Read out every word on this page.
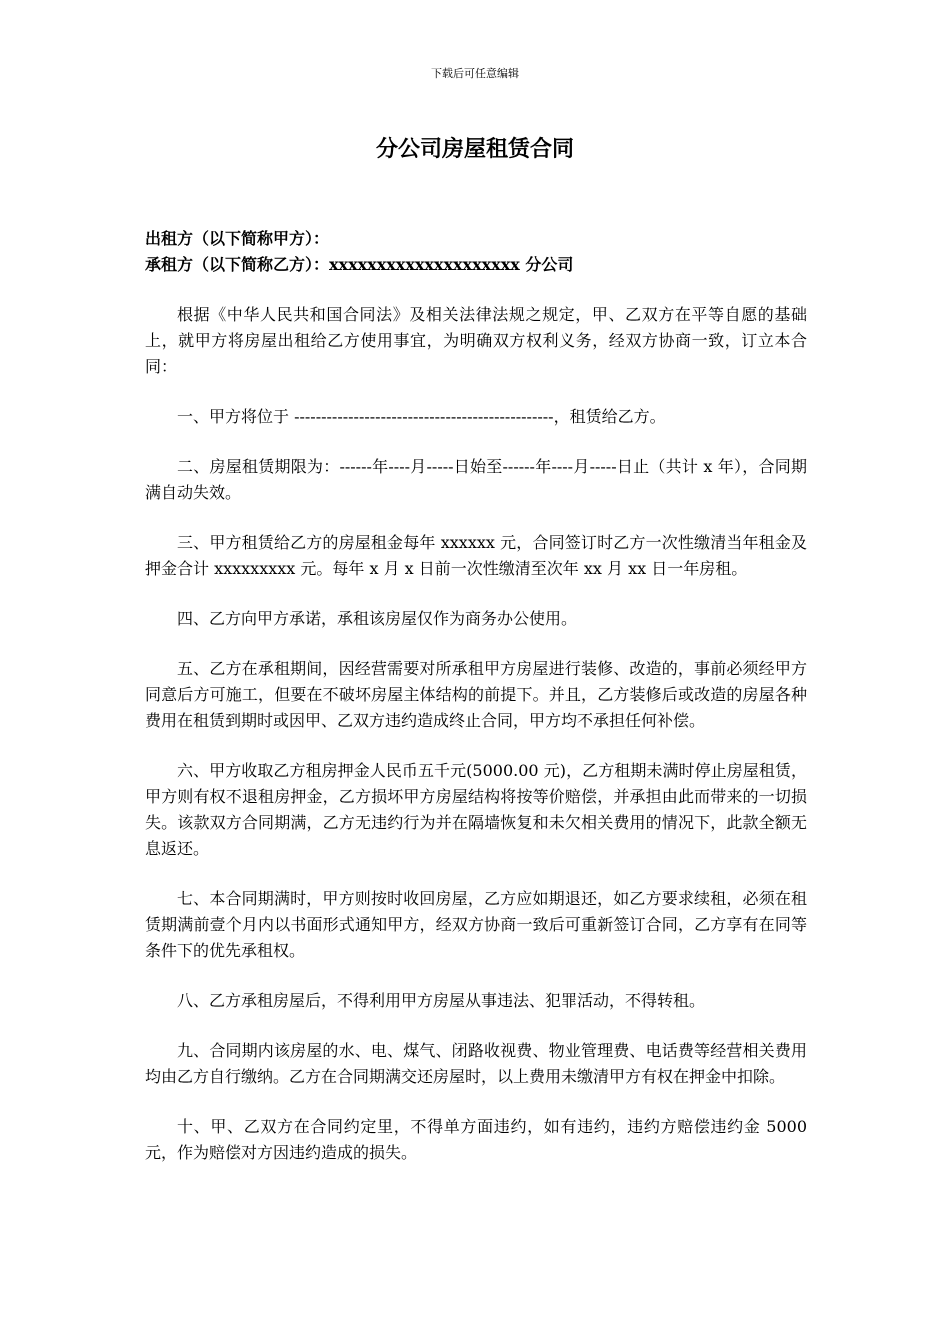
下载后可任意编辑
分公司房屋租赁合同

出租方（以下简称甲方）：

承租方（以下简称乙方）：xxxxxxxxxxxxxxxxxxxx 分公司

根据《中华人民共和国合同法》及相关法律法规之规定，甲、乙双方在平等自愿的基础上，就甲方将房屋出租给乙方使用事宜，为明确双方权利义务，经双方协商一致，订立本合同：

一、甲方将位于 ------------------------------------------------，租赁给乙方。

二、房屋租赁期限为：------年----月-----日始至------年----月-----日止（共计 x 年），合同期满自动失效。

三、甲方租赁给乙方的房屋租金每年 xxxxxx 元，合同签订时乙方一次性缴清当年租金及押金合计 xxxxxxxxx 元。每年 x 月 x 日前一次性缴清至次年 xx 月 xx 日一年房租。

四、乙方向甲方承诺，承租该房屋仅作为商务办公使用。

五、乙方在承租期间，因经营需要对所承租甲方房屋进行装修、改造的，事前必须经甲方同意后方可施工，但要在不破坏房屋主体结构的前提下。并且，乙方装修后或改造的房屋各种费用在租赁到期时或因甲、乙双方违约造成终止合同，甲方均不承担任何补偿。

六、甲方收取乙方租房押金人民币五千元(5000.00 元)，乙方租期未满时停止房屋租赁，甲方则有权不退租房押金，乙方损坏甲方房屋结构将按等价赔偿，并承担由此而带来的一切损失。该款双方合同期满，乙方无违约行为并在隔墙恢复和未欠相关费用的情况下，此款全额无息返还。

七、本合同期满时，甲方则按时收回房屋，乙方应如期退还，如乙方要求续租，必须在租赁期满前壹个月内以书面形式通知甲方，经双方协商一致后可重新签订合同，乙方享有在同等条件下的优先承租权。

八、乙方承租房屋后，不得利用甲方房屋从事违法、犯罪活动，不得转租。

九、合同期内该房屋的水、电、煤气、闭路收视费、物业管理费、电话费等经营相关费用均由乙方自行缴纳。乙方在合同期满交还房屋时，以上费用未缴清甲方有权在押金中扣除。

十、甲、乙双方在合同约定里，不得单方面违约，如有违约，违约方赔偿违约金 5000 元，作为赔偿对方因违约造成的损失。
